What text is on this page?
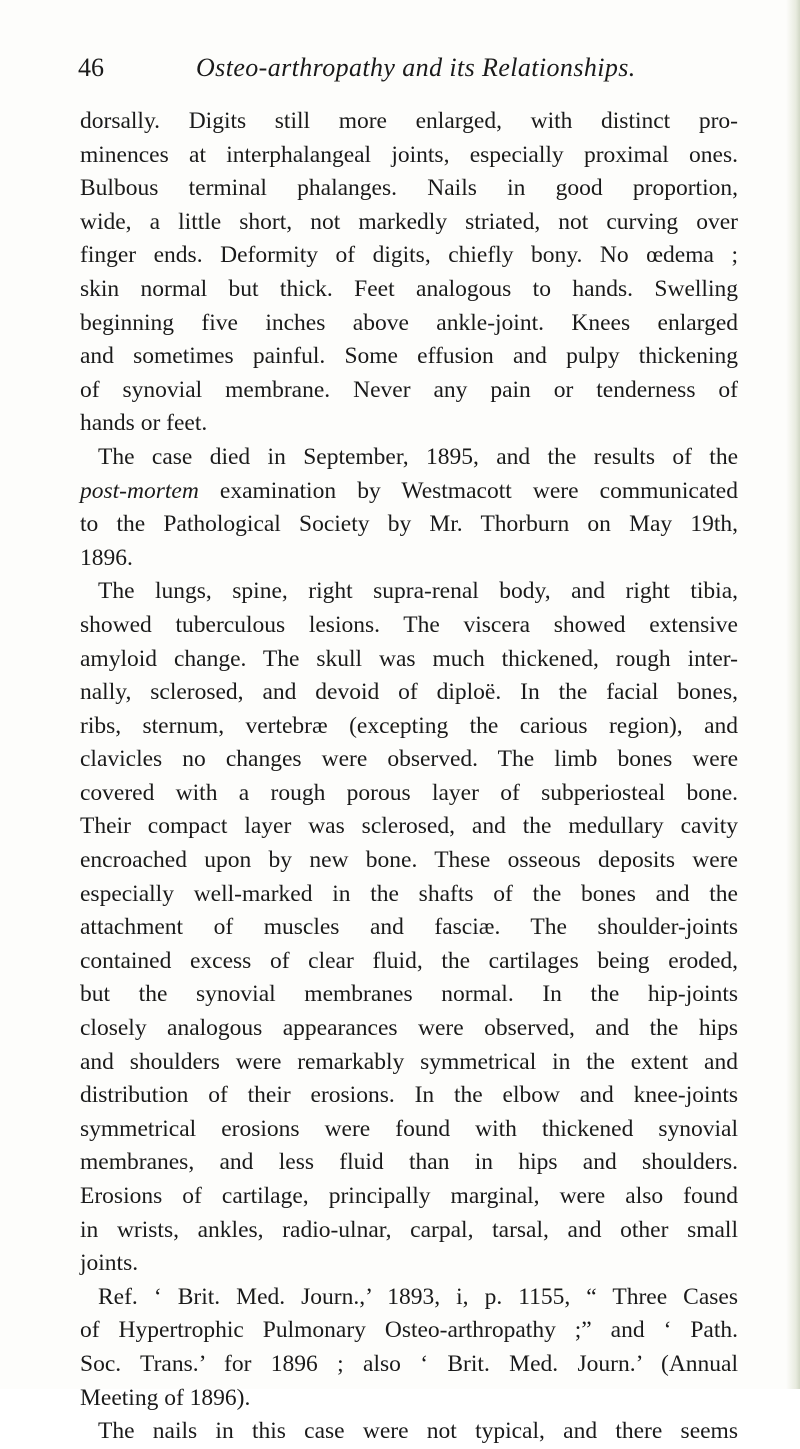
46	Osteo-arthropathy and its Relationships.
dorsally. Digits still more enlarged, with distinct pro-
minences at interphalangeal joints, especially proximal ones.
Bulbous terminal phalanges. Nails in good proportion,
wide, a little short, not markedly striated, not curving over
finger ends. Deformity of digits, chiefly bony. No œdema ;
skin normal but thick. Feet analogous to hands. Swelling
beginning five inches above ankle-joint. Knees enlarged
and sometimes painful. Some effusion and pulpy thickening
of synovial membrane. Never any pain or tenderness of
hands or feet.
The case died in September, 1895, and the results of the
post-mortem examination by Westmacott were communicated
to the Pathological Society by Mr. Thorburn on May 19th,
1896.
The lungs, spine, right supra-renal body, and right tibia,
showed tuberculous lesions. The viscera showed extensive
amyloid change. The skull was much thickened, rough inter-
nally, sclerosed, and devoid of diploë. In the facial bones,
ribs, sternum, vertebræ (excepting the carious region), and
clavicles no changes were observed. The limb bones were
covered with a rough porous layer of subperiosteal bone.
Their compact layer was sclerosed, and the medullary cavity
encroached upon by new bone. These osseous deposits were
especially well-marked in the shafts of the bones and the
attachment of muscles and fasciæ. The shoulder-joints
contained excess of clear fluid, the cartilages being eroded,
but the synovial membranes normal. In the hip-joints
closely analogous appearances were observed, and the hips
and shoulders were remarkably symmetrical in the extent and
distribution of their erosions. In the elbow and knee-joints
symmetrical erosions were found with thickened synovial
membranes, and less fluid than in hips and shoulders.
Erosions of cartilage, principally marginal, were also found
in wrists, ankles, radio-ulnar, carpal, tarsal, and other small
joints.
Ref. ‘ Brit. Med. Journ.,’ 1893, i, p. 1155, “ Three Cases
of Hypertrophic Pulmonary Osteo-arthropathy ;” and ‘ Path.
Soc. Trans.’ for 1896 ; also ‘ Brit. Med. Journ.’ (Annual
Meeting of 1896).
The nails in this case were not typical, and there seems
